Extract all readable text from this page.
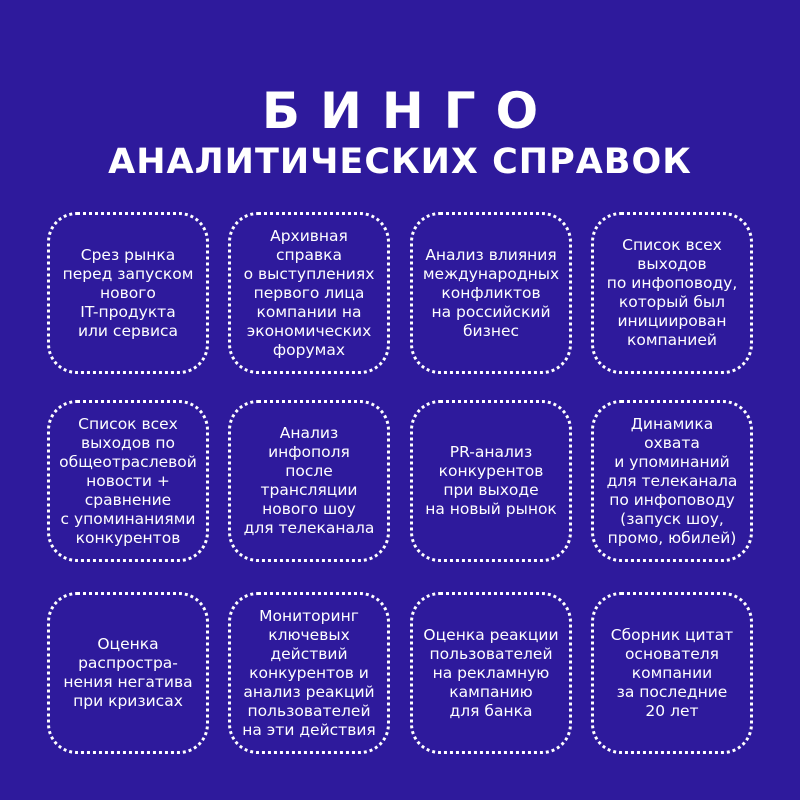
БИНГО
АНАЛИТИЧЕСКИХ СПРАВОК
Срез рынка
перед запуском
нового
IT-продукта
или сервиса
Архивная
справка
о выступлениях
первого лица
компании на
экономических
форумах
Анализ влияния
международных
конфликтов
на российский
бизнес
Список всех
выходов
по инфоповоду,
который был
инициирован
компанией
Список всех
выходов по
общеотраслевой
новости +
сравнение
с упоминаниями
конкурентов
Анализ
инфополя
после
трансляции
нового шоу
для телеканала
PR-анализ
конкурентов
при выходе
на новый рынок
Динамика
охвата
и упоминаний
для телеканала
по инфоповоду
(запуск шоу,
промо, юбилей)
Оценка
распростра-
нения негатива
при кризисах
Мониторинг
ключевых
действий
конкурентов и
анализ реакций
пользователей
на эти действия
Оценка реакции
пользователей
на рекламную
кампанию
для банка
Сборник цитат
основателя
компании
за последние
20 лет
